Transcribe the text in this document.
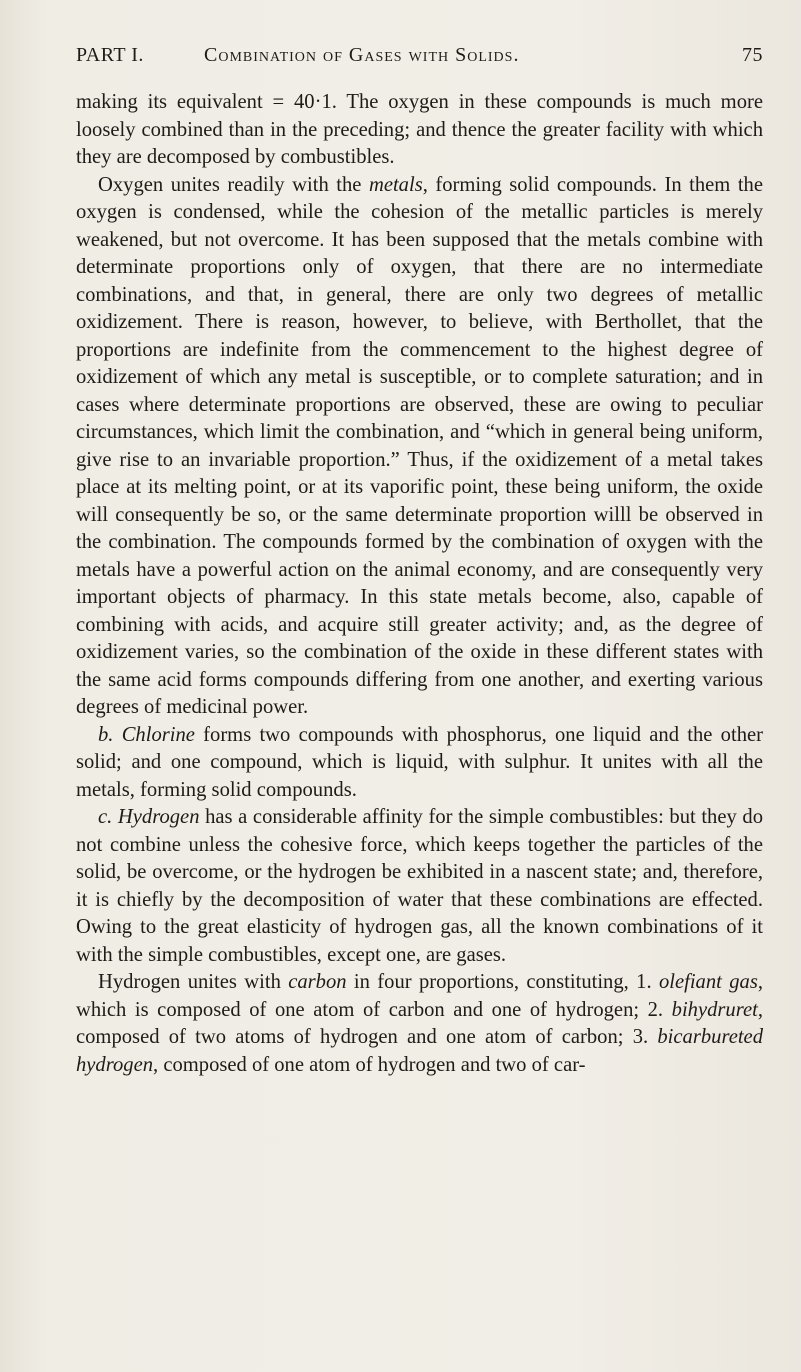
PART I.	Combination of Gases with Solids.	75

making its equivalent = 40·1. The oxygen in these compounds is much more loosely combined than in the preceding; and thence the greater facility with which they are decomposed by combustibles.

Oxygen unites readily with the metals, forming solid compounds. In them the oxygen is condensed, while the cohesion of the metallic particles is merely weakened, but not overcome. It has been supposed that the metals combine with determinate proportions only of oxygen, that there are no intermediate combinations, and that, in general, there are only two degrees of metallic oxidizement. There is reason, however, to believe, with Berthollet, that the proportions are indefinite from the commencement to the highest degree of oxidizement of which any metal is susceptible, or to complete saturation; and in cases where determinate proportions are observed, these are owing to peculiar circumstances, which limit the combination, and “which in general being uniform, give rise to an invariable proportion.” Thus, if the oxidizement of a metal takes place at its melting point, or at its vaporific point, these being uniform, the oxide will consequently be so, or the same determinate proportion willl be observed in the combination. The compounds formed by the combination of oxygen with the metals have a powerful action on the animal economy, and are consequently very important objects of pharmacy. In this state metals become, also, capable of combining with acids, and acquire still greater activity; and, as the degree of oxidizement varies, so the combination of the oxide in these different states with the same acid forms compounds differing from one another, and exerting various degrees of medicinal power.

b. Chlorine forms two compounds with phosphorus, one liquid and the other solid; and one compound, which is liquid, with sulphur. It unites with all the metals, forming solid compounds.

c. Hydrogen has a considerable affinity for the simple combustibles: but they do not combine unless the cohesive force, which keeps together the particles of the solid, be overcome, or the hydrogen be exhibited in a nascent state; and, therefore, it is chiefly by the decomposition of water that these combinations are effected. Owing to the great elasticity of hydrogen gas, all the known combinations of it with the simple combustibles, except one, are gases.

Hydrogen unites with carbon in four proportions, constituting, 1. olefiant gas, which is composed of one atom of carbon and one of hydrogen; 2. bihydruret, composed of two atoms of hydrogen and one atom of carbon; 3. bicarbureted hydrogen, composed of one atom of hydrogen and two of car-
